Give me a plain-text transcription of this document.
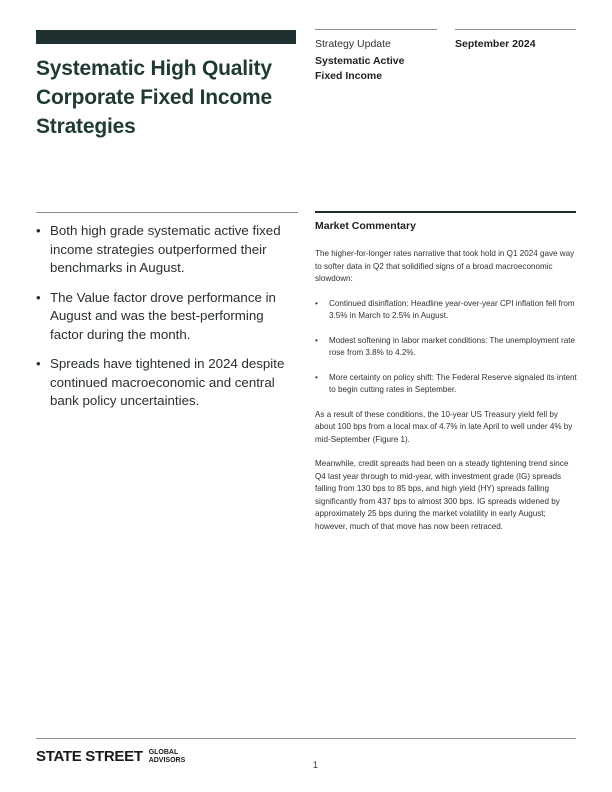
Systematic High Quality Corporate Fixed Income Strategies
Strategy Update
Systematic Active
Fixed Income
September 2024
• Both high grade systematic active fixed income strategies outperformed their benchmarks in August.
• The Value factor drove performance in August and was the best-performing factor during the month.
• Spreads have tightened in 2024 despite continued macroeconomic and central bank policy uncertainties.
Market Commentary

The higher-for-longer rates narrative that took hold in Q1 2024 gave way to softer data in Q2 that solidified signs of a broad macroeconomic slowdown:

• Continued disinflation: Headline year-over-year CPI inflation fell from 3.5% in March to 2.5% in August.
• Modest softening in labor market conditions: The unemployment rate rose from 3.8% to 4.2%.
• More certainty on policy shift: The Federal Reserve signaled its intent to begin cutting rates in September.

As a result of these conditions, the 10-year US Treasury yield fell by about 100 bps from a local max of 4.7% in late April to well under 4% by mid-September (Figure 1).

Meanwhile, credit spreads had been on a steady tightening trend since Q4 last year through to mid-year, with investment grade (IG) spreads falling from 130 bps to 85 bps, and high yield (HY) spreads falling significantly from 437 bps to almost 300 bps. IG spreads widened by approximately 25 bps during the market volatility in early August; however, much of that move has now been retraced.

STATE STREET GLOBAL
ADVISORS	1
